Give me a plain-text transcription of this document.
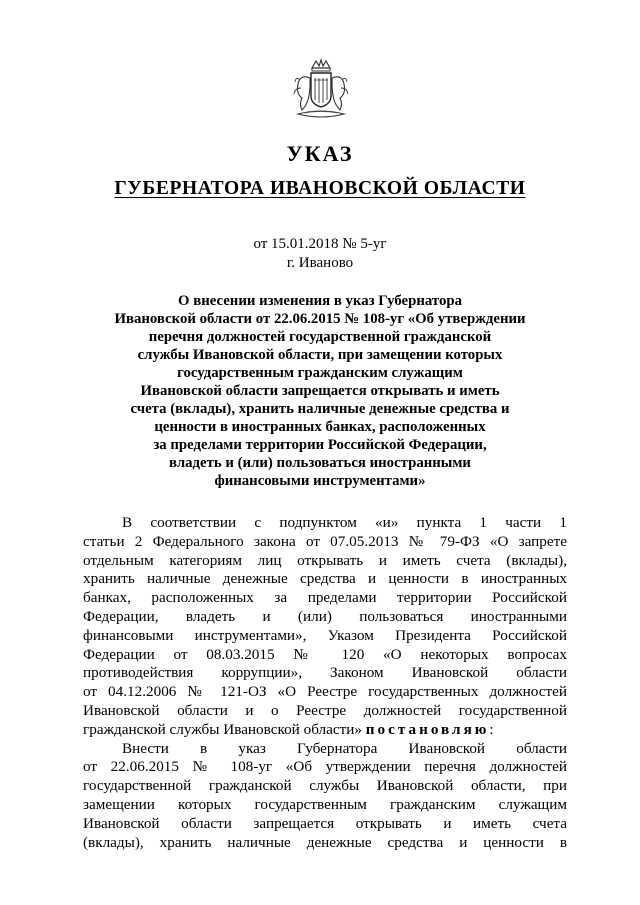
УКАЗ
ГУБЕРНАТОРА ИВАНОВСКОЙ ОБЛАСТИ
от 15.01.2018 № 5-уг
г. Иваново
О внесении изменения в указ Губернатора
Ивановской области от 22.06.2015 № 108-уг «Об утверждении
перечня должностей государственной гражданской
службы Ивановской области, при замещении которых
государственным гражданским служащим
Ивановской области запрещается открывать и иметь
счета (вклады), хранить наличные денежные средства и
ценности в иностранных банках, расположенных
за пределами территории Российской Федерации,
владеть и (или) пользоваться иностранными
финансовыми инструментами»
В соответствии с подпунктом «и» пункта 1 части 1
статьи 2 Федерального закона от 07.05.2013 № 79-ФЗ «О запрете
отдельным категориям лиц открывать и иметь счета (вклады),
хранить наличные денежные средства и ценности в иностранных
банках, расположенных за пределами территории Российской
Федерации, владеть и (или) пользоваться иностранными
финансовыми инструментами», Указом Президента Российской
Федерации от 08.03.2015 № 120 «О некоторых вопросах
противодействия коррупции», Законом Ивановской области
от 04.12.2006 № 121-ОЗ «О Реестре государственных должностей
Ивановской области и о Реестре должностей государственной
гражданской службы Ивановской области» постановляю:
Внести в указ Губернатора Ивановской области
от 22.06.2015 № 108-уг «Об утверждении перечня должностей
государственной гражданской службы Ивановской области, при
замещении которых государственным гражданским служащим
Ивановской области запрещается открывать и иметь счета
(вклады), хранить наличные денежные средства и ценности в
